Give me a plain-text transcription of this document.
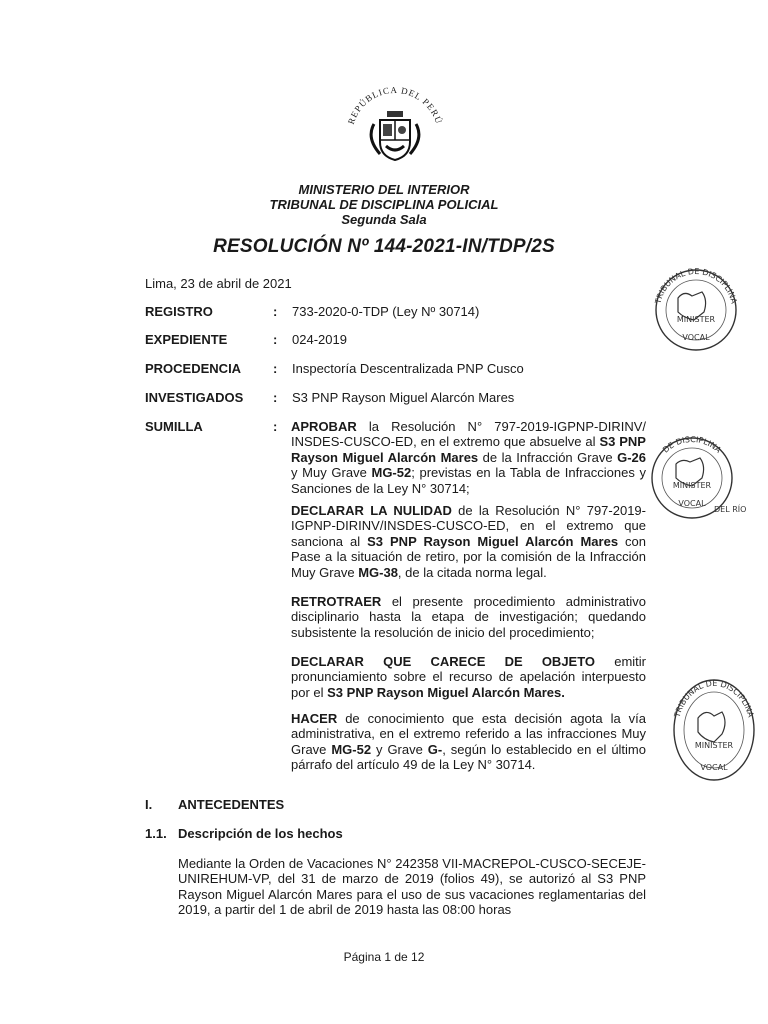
REPÚBLICA DEL PERÚ
MINISTERIO DEL INTERIOR
TRIBUNAL DE DISCIPLINA POLICIAL
Segunda Sala
RESOLUCIÓN Nº 144-2021-IN/TDP/2S
Lima, 23 de abril de 2021
REGISTRO	: 733-2020-0-TDP (Ley Nº 30714)
EXPEDIENTE	: 024-2019
PROCEDENCIA : Inspectoría Descentralizada PNP Cusco
INVESTIGADOS : S3 PNP Rayson Miguel Alarcón Mares
SUMILLA	: APROBAR la Resolución N° 797-2019-IGPNP-DIRINV/ INSDES-CUSCO-ED, en el extremo que absuelve al S3 PNP Rayson Miguel Alarcón Mares de la Infracción Grave G-26 y Muy Grave MG-52; previstas en la Tabla de Infracciones y Sanciones de la Ley N° 30714;
DECLARAR LA NULIDAD de la Resolución N° 797-2019-IGPNP-DIRINV/INSDES-CUSCO-ED, en el extremo que sanciona al S3 PNP Rayson Miguel Alarcón Mares con Pase a la situación de retiro, por la comisión de la Infracción Muy Grave MG-38, de la citada norma legal.
RETROTRAER el presente procedimiento administrativo disciplinario hasta la etapa de investigación; quedando subsistente la resolución de inicio del procedimiento;
DECLARAR QUE CARECE DE OBJETO emitir pronunciamiento sobre el recurso de apelación interpuesto por el S3 PNP Rayson Miguel Alarcón Mares.
HACER de conocimiento que esta decisión agota la vía administrativa, en el extremo referido a las infracciones Muy Grave MG-52 y Grave G-, según lo establecido en el último párrafo del artículo 49 de la Ley N° 30714.
I. ANTECEDENTES
1.1. Descripción de los hechos
Mediante la Orden de Vacaciones N° 242358 VII-MACREPOL-CUSCO-SECEJE-UNIREHUM-VP, del 31 de marzo de 2019 (folios 49), se autorizó al S3 PNP Rayson Miguel Alarcón Mares para el uso de sus vacaciones reglamentarias del 2019, a partir del 1 de abril de 2019 hasta las 08:00 horas
Página 1 de 12
TRIBUNAL DE DISCIPLINA
MINISTER
VOCAL
DE DISCIPLINA
MINISTER
VOCAL
DEL RÍO
TRIBUNAL DE DISCIPLINA
MINISTER
VOCAL
